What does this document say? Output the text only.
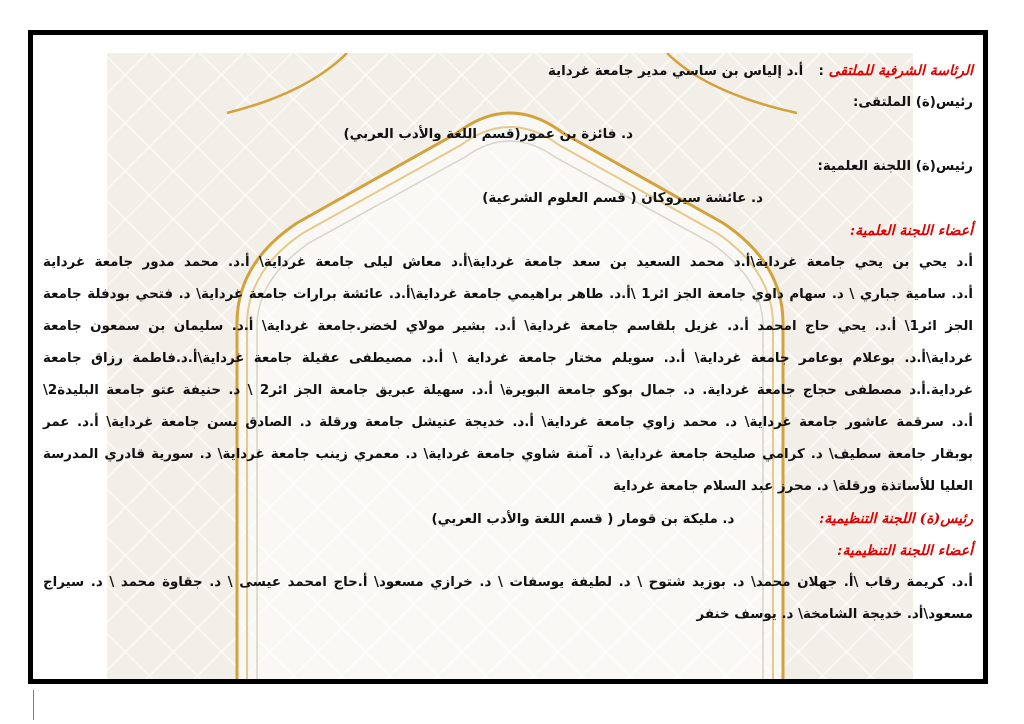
الرئاسة الشرفية للملتقى :  أ.د إلياس بن ساسي مدير جامعة غرداية
رئيس(ة) الملتقى:
د. فائزة بن عمور(قسم اللغة والأدب العربي)
رئيس(ة) اللجنة العلمية:
د. عائشة سيروكان ( قسم العلوم الشرعية)
أعضاء اللجنة العلمية:
أ.د يحي بن يحي جامعة غرداية\أ.د محمد السعيد بن سعد جامعة غرداية\أ.د معاش ليلى جامعة غرداية\ أ.د. محمد مدور جامعة غرداية
أ.د. سامية جباري \ د. سهام داوي جامعة الجز ائر1 \أ.د. طاهر براهيمي جامعة غرداية\أ.د. عائشة برارات جامعة غرداية\ د. فتحي بودفلة جامعة
الجز ائر1\ أ.د. يحي حاج امحمد أ.د. غزيل بلقاسم جامعة غرداية\ أ.د. بشير مولاي لخضر.جامعة غرداية\ أ.د. سليمان بن سمعون جامعة
غرداية\أ.د. بوعلام بوعامر جامعة غرداية\ أ.د. سويلم مختار جامعة غرداية \ أ.د. مصيطفى عقيلة جامعة غرداية\أ.د.فاطمة رزاق جامعة
غرداية.أ.د مصطفى حجاج جامعة غرداية. د. جمال بوكو جامعة البويرة\ أ.د. سهيلة عبريق جامعة الجز ائر2 \ د. حنيفة عتو جامعة البليدة2\
أ.د. سرقمة عاشور جامعة غرداية\ د. محمد زاوي جامعة غرداية\ أ.د. خديجة عنيشل جامعة ورقلة د. الصادق بسن جامعة غرداية\ أ.د. عمر
بوبقار جامعة سطيف\ د. كرامي صليحة جامعة غرداية\ د. آمنة شاوي جامعة غرداية\ د. معمري زينب جامعة غرداية\ د. سورية قادري المدرسة
العليا للأساتذة ورقلة\ د. محرز عبد السلام جامعة غرداية
رئيس(ة) اللجنة التنظيمية: د. مليكة بن قومار ( قسم اللغة والأدب العربي)
أعضاء اللجنة التنظيمية:
أ.د. كريمة رقاب \أ. جهلان محمد\ د. بوزيد شتوح \ د. لطيفة يوسفات \ د. خرازي مسعود\ أ.حاج امحمد عيسى \ د. جقاوة محمد \ د. سيراج
مسعود\أد. خديجة الشامخة\ د. يوسف خنفر
